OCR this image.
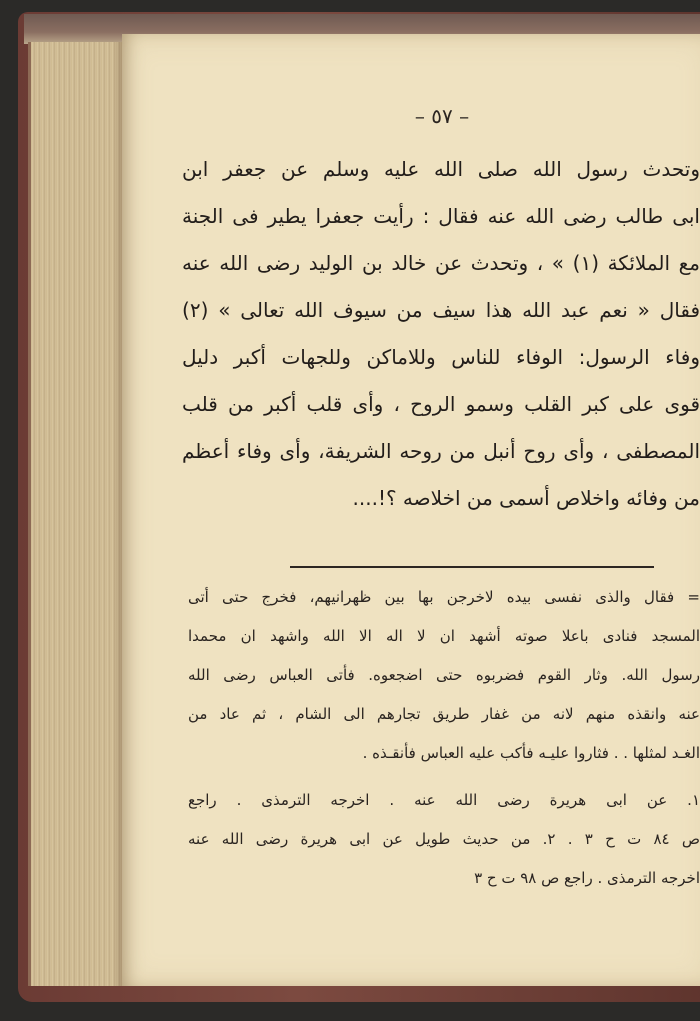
– ٥٧ –
وتحدث رسول الله صلى الله عليه وسلم عن جعفر ابن
ابى طالب رضى الله عنه فقال : رأيت جعفرا يطير فى الجنة
مع الملائكة (١) » ، وتحدث عن خالد بن الوليد رضى الله عنه
فقال « نعم عبد الله هذا سيف من سيوف الله تعالى » (٢)
وفاء الرسول: الوفاء للناس وللاماكن وللجهات أكبر دليل
قوى على كبر القلب وسمو الروح ، وأى قلب أكبر من قلب
المصطفى ، وأى روح أنبل من روحه الشريفة، وأى وفاء أعظم
من وفائه واخلاص أسمى من اخلاصه ؟!....
= فقال والذى نفسى بيده لاخرجن بها بين ظهرانيهم، فخرج حتى أتى
المسجد فنادى باعلا صوته أشهد ان لا اله الا الله واشهد ان محمدا
رسول الله. وثار القوم فضربوه حتى اضجعوه. فأتى العباس رضى الله
عنه وانقذه منهم لانه من غفار طريق تجارهم الى الشام ، ثم عاد من
الغـد لمثلها . . فثاروا عليـه فأكب عليه العباس فأنقـذه .
١. عن ابى هريرة رضى الله عنه . اخرجه الترمذى . راجع
ص ٨٤ ت ح ٣ . ٢. من حديث طويل عن ابى هريرة رضى الله عنه
اخرجه الترمذى . راجع ص ٩٨ ت ح ٣
